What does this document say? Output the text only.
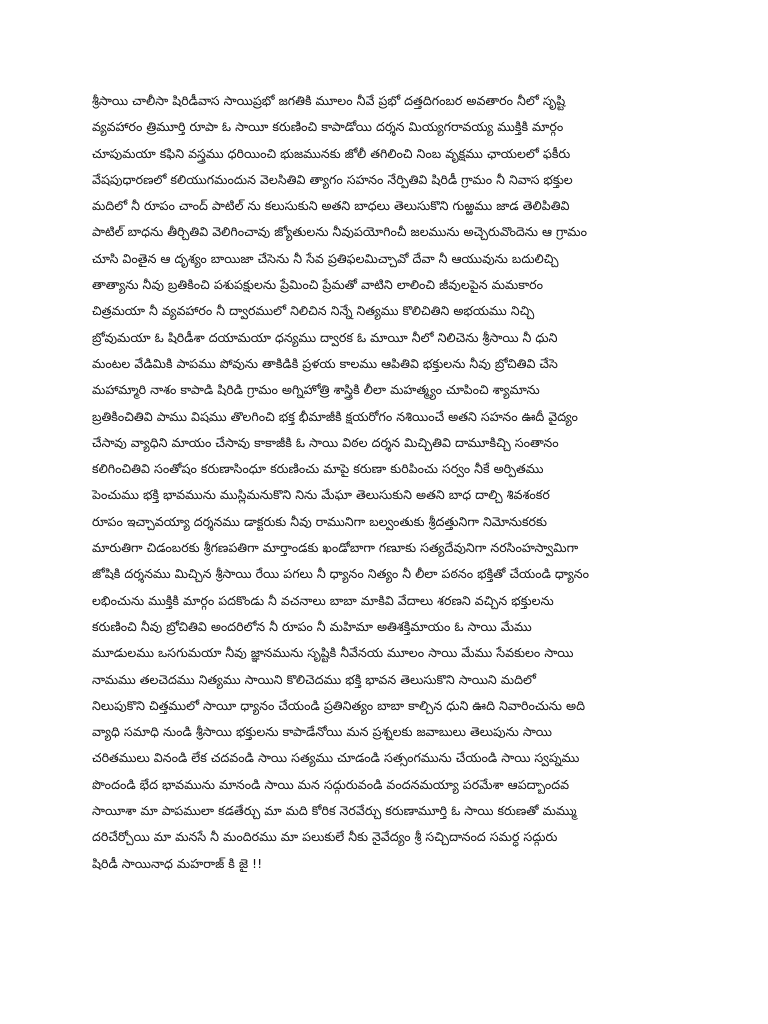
శ్రీసాయి చాలీసా షిరిడీవాస సాయిప్రభో జగతికి మూలం నీవే ప్రభో దత్తదిగంబర అవతారం నీలో సృష్టి
వ్యవహారం త్రిమూర్తి రూపా ఓ సాయీ కరుణించి కాపాడోయి దర్శన మియ్యగరావయ్య ముక్తికి మార్గం
చూపుమయా కఫిని వస్త్రము ధరియించి భుజమునకు జోలీ తగిలించి నింబ వృక్షము ఛాయలలో ఫకీరు
వేషపుధారణలో కలియుగమందున వెలసితివి త్యాగం సహనం నేర్పితివి షిరిడీ గ్రామం నీ నివాస భక్తుల
మదిలో నీ రూపం చాంద్ పాటిల్ ను కలుసుకుని అతని బాధలు తెలుసుకొని గుఱ్ఱము జాడ తెలిపితివి
పాటిల్ బాధను తీర్చితివి వెలిగించావు జ్యోతులను నీవుపయోగించీ జలమును అచ్చెరువొందెను ఆ గ్రామం
చూసి వింతైన ఆ దృశ్యం బాయిజా చేసెను నీ సేవ ప్రతిఫలమిచ్చావో దేవా నీ ఆయువును బదులిచ్చి
తాత్యాను నీవు బ్రతికించి పశుపక్షులను ప్రేమించి ప్రేమతో వాటిని లాలించి జీవులపైన మమకారం
చిత్రమయా నీ వ్యవహారం నీ ద్వారములో నిలిచిన నిన్నే నిత్యము కొలిచితిని అభయము నిచ్చి
బ్రోవుమయా ఓ షిరిడీశా దయామయా ధన్యము ద్వారక ఓ మాయీ నీలో నిలిచెను శ్రీసాయి నీ ధుని
మంటల వేడిమికి పాపము పోవును తాకిడికి ప్రళయ కాలము ఆపితివి భక్తులను నీవు బ్రోచితివి చేసె
మహామ్మారి నాశం కాపాడి షిరిడి గ్రామం అగ్నిహోత్రి శాస్త్రికి లీలా మహత్మ్యం చూపించి శ్యామాను
బ్రతికించితివి పాము విషము తొలగించి భక్త భీమాజీకి క్షయరోగం నశియించే అతని సహనం ఊదీ వైద్యం
చేసావు వ్యాధిని మాయం చేసావు కాకాజీకి ఓ సాయి విఠల దర్శన మిచ్చితివి దామూకిచ్చి సంతానం
కలిగించితివి సంతోషం కరుణాసింధూ కరుణించు మాపై కరుణా కురిపించు సర్వం నీకే అర్పితము
పెంచుము భక్తి భావమును ముస్లిమనుకొని నిను మేఘా తెలుసుకుని అతని బాధ దాల్చి శివశంకర
రూపం ఇచ్చావయ్యా దర్శనము డాక్టరుకు నీవు రామునిగా బల్వంతుకు శ్రీదత్తునిగా నిమోనుకరకు
మారుతిగా చిడంబరకు శ్రీగణపతిగా మార్తాండకు ఖండోబాగా గణూకు సత్యదేవునిగా నరసింహస్వామిగా
జోషికి దర్శనము మిచ్చిన శ్రీసాయి రేయి పగలు నీ ధ్యానం నిత్యం నీ లీలా పఠనం భక్తితో చేయండి ధ్యానం
లభించును ముక్తికి మార్గం పదకొండు నీ వచనాలు బాబా మాకివి వేదాలు శరణని వచ్చిన భక్తులను
కరుణించి నీవు బ్రోచితివి అందరిలోన నీ రూపం నీ మహిమా అతిశక్తిమాయం ఓ సాయి మేము
మూడులము ఒసగుమయా నీవు జ్ఞానమును సృష్టికి నీవేనయ మూలం సాయి మేము సేవకులం సాయి
నామము తలచెదము నిత్యము సాయిని కొలిచెదము భక్తి భావన తెలుసుకొని సాయిని మదిలో
నిలుపుకొని చిత్తములో సాయీ ధ్యానం చేయండి ప్రతినిత్యం బాబా కాల్చిన ధుని ఊది నివారించును అది
వ్యాధి సమాధి నుండి శ్రీసాయి భక్తులను కాపాడేనోయి మన ప్రశ్నలకు జవాబులు తెలుపును సాయి
చరితములు వినండి లేక చదవండి సాయి సత్యము చూడండి సత్సంగమును చేయండి సాయి స్వప్నము
పొందండి భేద భావమును మానండి సాయి మన సద్గురువండి వందనమయ్యా పరమేశా ఆపద్బాందవ
సాయీశా మా పాపములా కడతేర్చు మా మది కోరిక నెరవేర్చు కరుణామూర్తి ఓ సాయి కరుణతో మమ్ము
దరిచేర్చోయి మా మనసే నీ మందిరము మా పలుకులే నీకు నైవేద్యం శ్రీ సచ్చిదానంద సమర్ధ సద్గురు
షిరిడీ సాయినాధ మహరాజ్ కి జై !!
